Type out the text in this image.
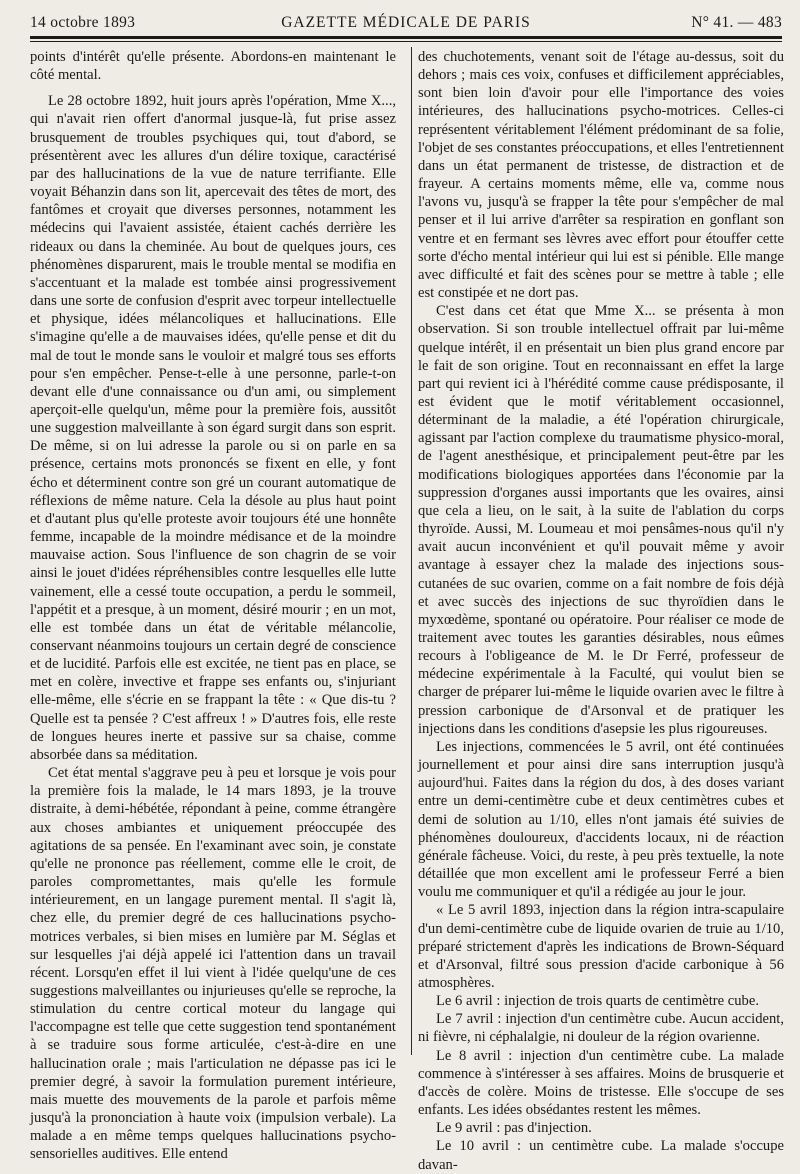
14 octobre 1893	GAZETTE MÉDICALE DE PARIS	N° 41. — 483

points d'intérêt qu'elle présente. Abordons-en maintenant le côté mental.

Le 28 octobre 1892, huit jours après l'opération, Mme X..., qui n'avait rien offert d'anormal jusque-là, fut prise assez brusquement de troubles psychiques qui, tout d'abord, se présentèrent avec les allures d'un délire toxique, caractérisé par des hallucinations de la vue de nature terrifiante. Elle voyait Béhanzin dans son lit, apercevait des têtes de mort, des fantômes et croyait que diverses personnes, notamment les médecins qui l'avaient assistée, étaient cachés derrière les rideaux ou dans la cheminée. Au bout de quelques jours, ces phénomènes disparurent, mais le trouble mental se modifia en s'accentuant et la malade est tombée ainsi progressivement dans une sorte de confusion d'esprit avec torpeur intellectuelle et physique, idées mélancoliques et hallucinations. Elle s'imagine qu'elle a de mauvaises idées, qu'elle pense et dit du mal de tout le monde sans le vouloir et malgré tous ses efforts pour s'en empêcher. Pense-t-elle à une personne, parle-t-on devant elle d'une connaissance ou d'un ami, ou simplement aperçoit-elle quelqu'un, même pour la première fois, aussitôt une suggestion malveillante à son égard surgit dans son esprit. De même, si on lui adresse la parole ou si on parle en sa présence, certains mots prononcés se fixent en elle, y font écho et déterminent contre son gré un courant automatique de réflexions de même nature. Cela la désole au plus haut point et d'autant plus qu'elle proteste avoir toujours été une honnête femme, incapable de la moindre médisance et de la moindre mauvaise action. Sous l'influence de son chagrin de se voir ainsi le jouet d'idées répréhensibles contre lesquelles elle lutte vainement, elle a cessé toute occupation, a perdu le sommeil, l'appétit et a presque, à un moment, désiré mourir ; en un mot, elle est tombée dans un état de véritable mélancolie, conservant néanmoins toujours un certain degré de conscience et de lucidité. Parfois elle est excitée, ne tient pas en place, se met en colère, invective et frappe ses enfants ou, s'injuriant elle-même, elle s'écrie en se frappant la tête : « Que dis-tu ? Quelle est ta pensée ? C'est affreux ! » D'autres fois, elle reste de longues heures inerte et passive sur sa chaise, comme absorbée dans sa méditation.

Cet état mental s'aggrave peu à peu et lorsque je vois pour la première fois la malade, le 14 mars 1893, je la trouve distraite, à demi-hébétée, répondant à peine, comme étrangère aux choses ambiantes et uniquement préoccupée des agitations de sa pensée. En l'examinant avec soin, je constate qu'elle ne prononce pas réellement, comme elle le croit, de paroles compromettantes, mais qu'elle les formule intérieurement, en un langage purement mental. Il s'agit là, chez elle, du premier degré de ces hallucinations psycho-motrices verbales, si bien mises en lumière par M. Séglas et sur lesquelles j'ai déjà appelé ici l'attention dans un travail récent. Lorsqu'en effet il lui vient à l'idée quelqu'une de ces suggestions malveillantes ou injurieuses qu'elle se reproche, la stimulation du centre cortical moteur du langage qui l'accompagne est telle que cette suggestion tend spontanément à se traduire sous forme articulée, c'est-à-dire en une hallucination orale ; mais l'articulation ne dépasse pas ici le premier degré, à savoir la formulation purement intérieure, mais muette des mouvements de la parole et parfois même jusqu'à la prononciation à haute voix (impulsion verbale). La malade a en même temps quelques hallucinations psycho-sensorielles auditives. Elle entend

des chuchotements, venant soit de l'étage au-dessus, soit du dehors ; mais ces voix, confuses et difficilement appréciables, sont bien loin d'avoir pour elle l'importance des voies intérieures, des hallucinations psycho-motrices. Celles-ci représentent véritablement l'élément prédominant de sa folie, l'objet de ses constantes préoccupations, et elles l'entretiennent dans un état permanent de tristesse, de distraction et de frayeur. A certains moments même, elle va, comme nous l'avons vu, jusqu'à se frapper la tête pour s'empêcher de mal penser et il lui arrive d'arrêter sa respiration en gonflant son ventre et en fermant ses lèvres avec effort pour étouffer cette sorte d'écho mental intérieur qui lui est si pénible. Elle mange avec difficulté et fait des scènes pour se mettre à table ; elle est constipée et ne dort pas.

C'est dans cet état que Mme X... se présenta à mon observation. Si son trouble intellectuel offrait par lui-même quelque intérêt, il en présentait un bien plus grand encore par le fait de son origine. Tout en reconnaissant en effet la large part qui revient ici à l'hérédité comme cause prédisposante, il est évident que le motif véritablement occasionnel, déterminant de la maladie, a été l'opération chirurgicale, agissant par l'action complexe du traumatisme physico-moral, de l'agent anesthésique, et principalement peut-être par les modifications biologiques apportées dans l'économie par la suppression d'organes aussi importants que les ovaires, ainsi que cela a lieu, on le sait, à la suite de l'ablation du corps thyroïde. Aussi, M. Loumeau et moi pensâmes-nous qu'il n'y avait aucun inconvénient et qu'il pouvait même y avoir avantage à essayer chez la malade des injections sous-cutanées de suc ovarien, comme on a fait nombre de fois déjà et avec succès des injections de suc thyroïdien dans le myxœdème, spontané ou opératoire. Pour réaliser ce mode de traitement avec toutes les garanties désirables, nous eûmes recours à l'obligeance de M. le Dr Ferré, professeur de médecine expérimentale à la Faculté, qui voulut bien se charger de préparer lui-même le liquide ovarien avec le filtre à pression carbonique de d'Arsonval et de pratiquer les injections dans les conditions d'asepsie les plus rigoureuses.

Les injections, commencées le 5 avril, ont été continuées journellement et pour ainsi dire sans interruption jusqu'à aujourd'hui. Faites dans la région du dos, à des doses variant entre un demi-centimètre cube et deux centimètres cubes et demi de solution au 1/10, elles n'ont jamais été suivies de phénomènes douloureux, d'accidents locaux, ni de réaction générale fâcheuse. Voici, du reste, à peu près textuelle, la note détaillée que mon excellent ami le professeur Ferré a bien voulu me communiquer et qu'il a rédigée au jour le jour.

« Le 5 avril 1893, injection dans la région intra-scapulaire d'un demi-centimètre cube de liquide ovarien de truie au 1/10, préparé strictement d'après les indications de Brown-Séquard et d'Arsonval, filtré sous pression d'acide carbonique à 56 atmosphères.

Le 6 avril : injection de trois quarts de centimètre cube.

Le 7 avril : injection d'un centimètre cube. Aucun accident, ni fièvre, ni céphalalgie, ni douleur de la région ovarienne.

Le 8 avril : injection d'un centimètre cube. La malade commence à s'intéresser à ses affaires. Moins de brusquerie et d'accès de colère. Moins de tristesse. Elle s'occupe de ses enfants. Les idées obsédantes restent les mêmes.

Le 9 avril : pas d'injection.

Le 10 avril : un centimètre cube. La malade s'occupe davan-
